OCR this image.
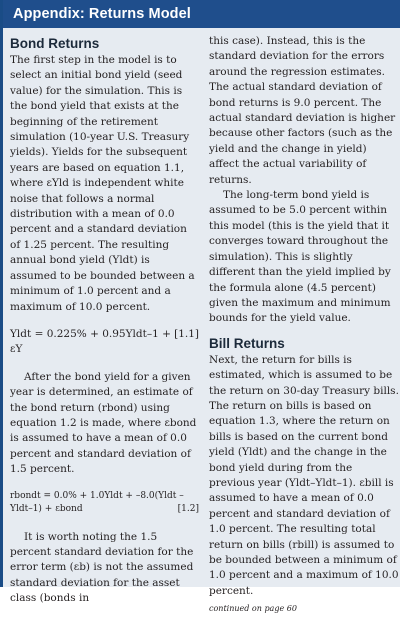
Appendix: Returns Model
Bond Returns

The first step in the model is to select an initial bond yield (seed value) for the simulation. This is the bond yield that exists at the beginning of the retirement simulation (10-year U.S. Treasury yields). Yields for the subsequent years are based on equation 1.1, where εYld is independent white noise that follows a normal distribution with a mean of 0.0 percent and a standard deviation of 1.25 percent. The resulting annual bond yield (Yldt) is assumed to be bounded between a minimum of 1.0 percent and a maximum of 10.0 percent.

Yldt = 0.225% + 0.95Yldt–1 + εY
[1.1]

After the bond yield for a given year is determined, an estimate of the bond return (rbond) using equation 1.2 is made, where εbond is assumed to have a mean of 0.0 percent and standard deviation of 1.5 percent.

rbondt = 0.0% + 1.0Yldt + –8.0(Yldt –
Yldt–1) + εbond	[1.2]

It is worth noting the 1.5 percent standard deviation for the error term (εb) is not the assumed standard deviation for the asset class (bonds in

this case). Instead, this is the standard deviation for the errors around the regression estimates. The actual standard deviation of bond returns is 9.0 percent. The actual standard deviation is higher because other factors (such as the yield and the change in yield) affect the actual variability of returns.

The long-term bond yield is assumed to be 5.0 percent within this model (this is the yield that it converges toward throughout the simulation). This is slightly different than the yield implied by the formula alone (4.5 percent) given the maximum and minimum bounds for the yield value.

Bill Returns

Next, the return for bills is estimated, which is assumed to be the return on 30-day Treasury bills. The return on bills is based on equation 1.3, where the return on bills is based on the current bond yield (Yldt) and the change in the bond yield during from the previous year (Yldt–Yldt–1). εbill is assumed to have a mean of 0.0 percent and standard deviation of 1.0 percent. The resulting total return on bills (rbill) is assumed to be bounded between a minimum of 1.0 percent and a maximum of 10.0 percent.

continued on page 60
